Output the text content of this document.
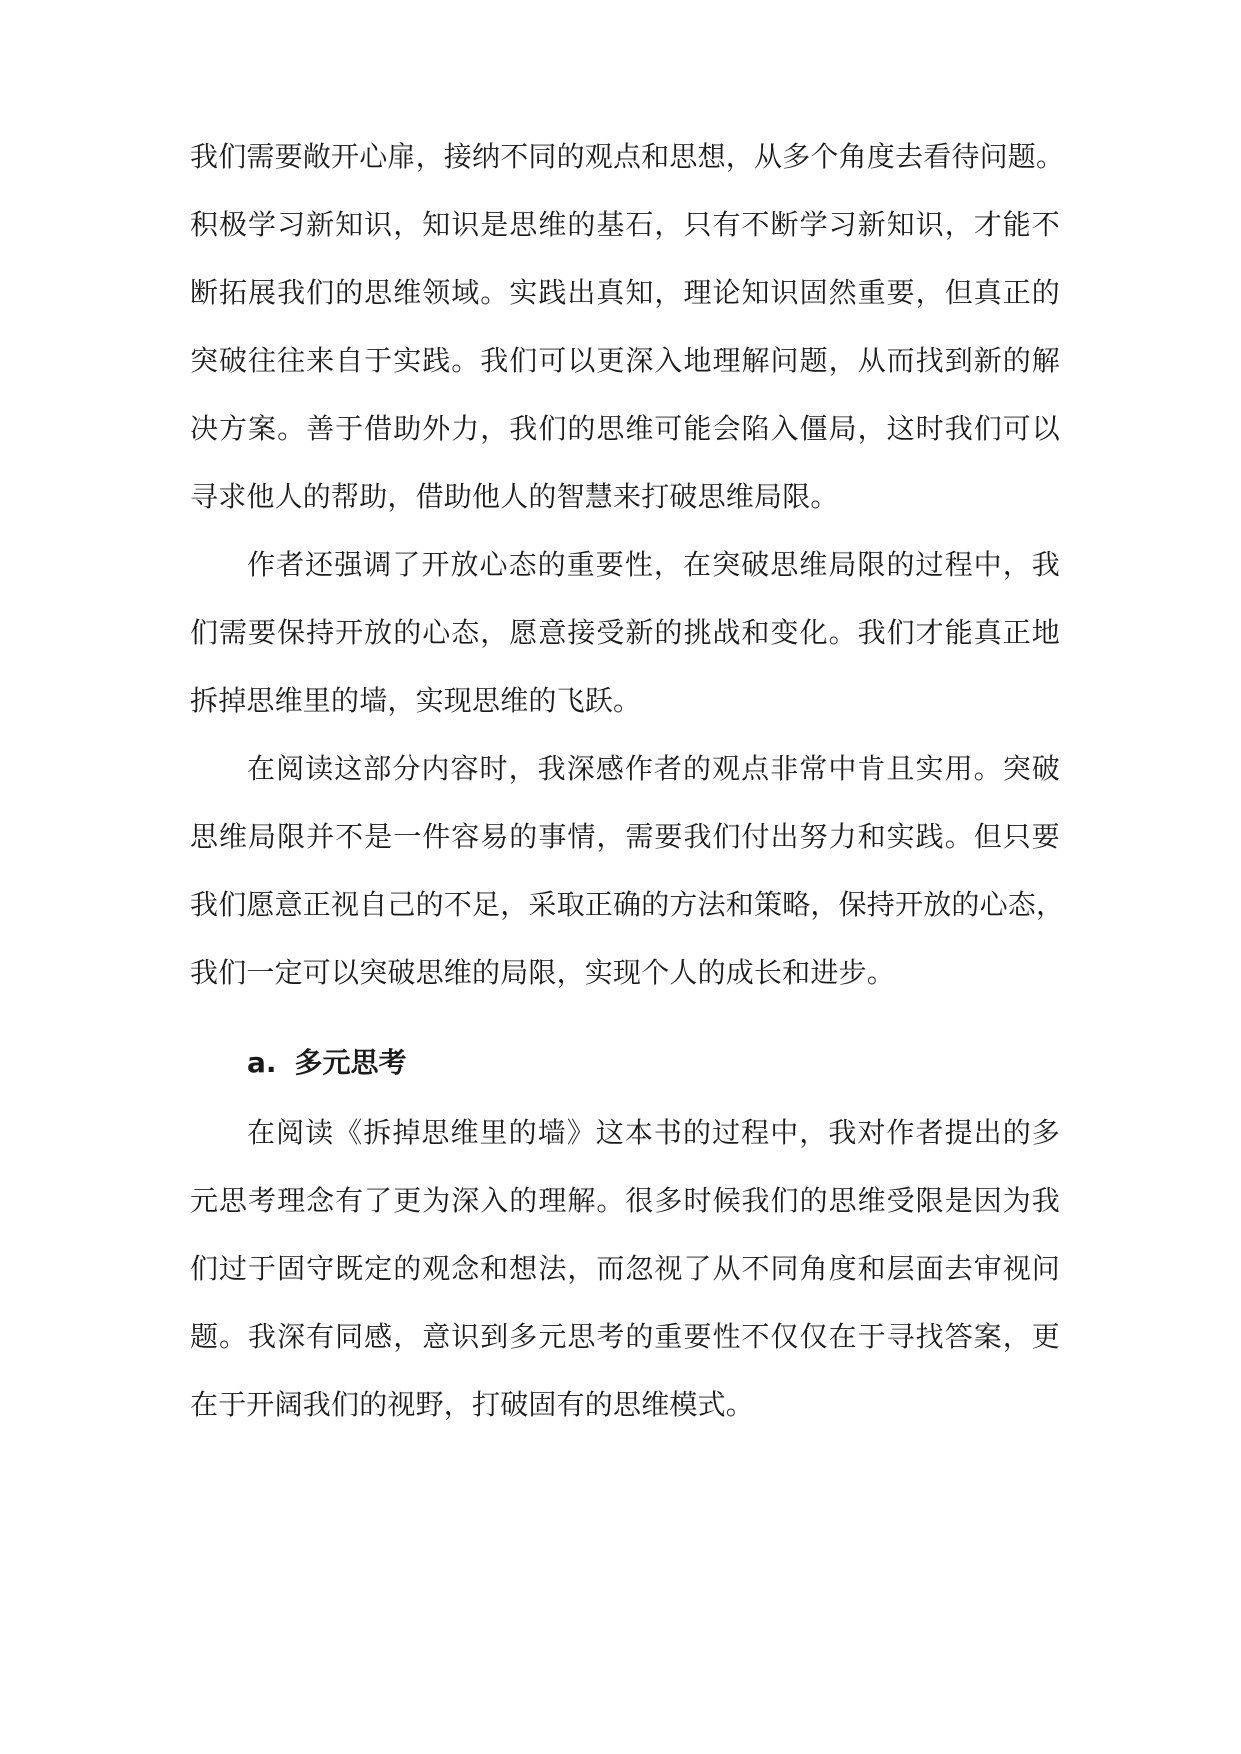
我们需要敞开心扉，接纳不同的观点和思想，从多个角度去看待问题。
积极学习新知识，知识是思维的基石，只有不断学习新知识，才能不
断拓展我们的思维领域。实践出真知，理论知识固然重要，但真正的
突破往往来自于实践。我们可以更深入地理解问题，从而找到新的解
决方案。善于借助外力，我们的思维可能会陷入僵局，这时我们可以
寻求他人的帮助，借助他人的智慧来打破思维局限。
作者还强调了开放心态的重要性，在突破思维局限的过程中，我
们需要保持开放的心态，愿意接受新的挑战和变化。我们才能真正地
拆掉思维里的墙，实现思维的飞跃。
在阅读这部分内容时，我深感作者的观点非常中肯且实用。突破
思维局限并不是一件容易的事情，需要我们付出努力和实践。但只要
我们愿意正视自己的不足，采取正确的方法和策略，保持开放的心态，
我们一定可以突破思维的局限，实现个人的成长和进步。
a. 多元思考
在阅读《拆掉思维里的墙》这本书的过程中，我对作者提出的多
元思考理念有了更为深入的理解。很多时候我们的思维受限是因为我
们过于固守既定的观念和想法，而忽视了从不同角度和层面去审视问
题。我深有同感，意识到多元思考的重要性不仅仅在于寻找答案，更
在于开阔我们的视野，打破固有的思维模式。
